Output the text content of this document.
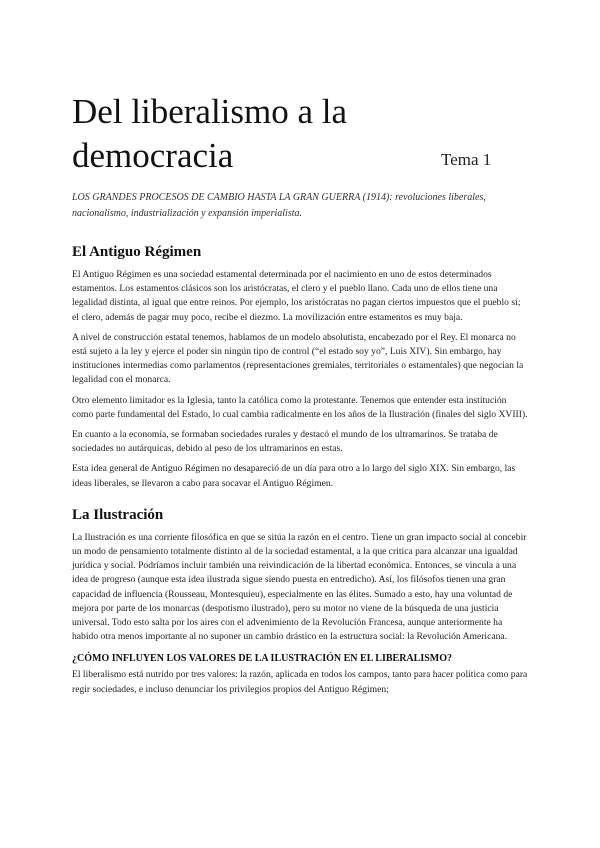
Del liberalismo a la
democracia	Tema 1
LOS GRANDES PROCESOS DE CAMBIO HASTA LA GRAN GUERRA (1914): revoluciones liberales, nacionalismo, industrialización y expansión imperialista.
El Antiguo Régimen

El Antiguo Régimen es una sociedad estamental determinada por el nacimiento en uno de estos determinados estamentos. Los estamentos clásicos son los aristócratas, el clero y el pueblo llano. Cada uno de ellos tiene una legalidad distinta, al igual que entre reinos. Por ejemplo, los aristócratas no pagan ciertos impuestos que el pueblo sí; el clero, además de pagar muy poco, recibe el diezmo. La movilización entre estamentos es muy baja.

A nivel de construcción estatal tenemos, hablamos de un modelo absolutista, encabezado por el Rey. El monarca no está sujeto a la ley y ejerce el poder sin ningún tipo de control (“el estado soy yo”, Luis XIV). Sin embargo, hay instituciones intermedias como parlamentos (representaciones gremiales, territoriales o estamentales) que negocian la legalidad con el monarca.

Otro elemento limitador es la Iglesia, tanto la católica como la protestante. Tenemos que entender esta institución como parte fundamental del Estado, lo cual cambia radicalmente en los años de la Ilustración (finales del siglo XVIII).

En cuanto a la economía, se formaban sociedades rurales y destacó el mundo de los ultramarinos. Se trataba de sociedades no autárquicas, debido al peso de los ultramarinos en estas.

Esta idea general de Antiguo Régimen no desapareció de un día para otro a lo largo del siglo XIX. Sin embargo, las ideas liberales, se llevaron a cabo para socavar el Antiguo Régimen.

La Ilustración

La Ilustración es una corriente filosófica en que se sitúa la razón en el centro. Tiene un gran impacto social al concebir un modo de pensamiento totalmente distinto al de la sociedad estamental, a la que critica para alcanzar una igualdad jurídica y social. Podríamos incluir también una reivindicación de la libertad económica. Entonces, se vincula a una idea de progreso (aunque esta idea ilustrada sigue siendo puesta en entredicho). Así, los filósofos tienen una gran capacidad de influencia (Rousseau, Montesquieu), especialmente en las élites. Sumado a esto, hay una voluntad de mejora por parte de los monarcas (despotismo ilustrado), pero su motor no viene de la búsqueda de una justicia universal. Todo esto salta por los aires con el advenimiento de la Revolución Francesa, aunque anteriormente ha habido otra menos importante al no suponer un cambio drástico en la estructura social: la Revolución Americana.

¿CÓMO INFLUYEN LOS VALORES DE LA ILUSTRACIÓN EN EL LIBERALISMO?

El liberalismo está nutrido por tres valores: la razón, aplicada en todos los campos, tanto para hacer política como para regir sociedades, e incluso denunciar los privilegios propios del Antiguo Régimen;
